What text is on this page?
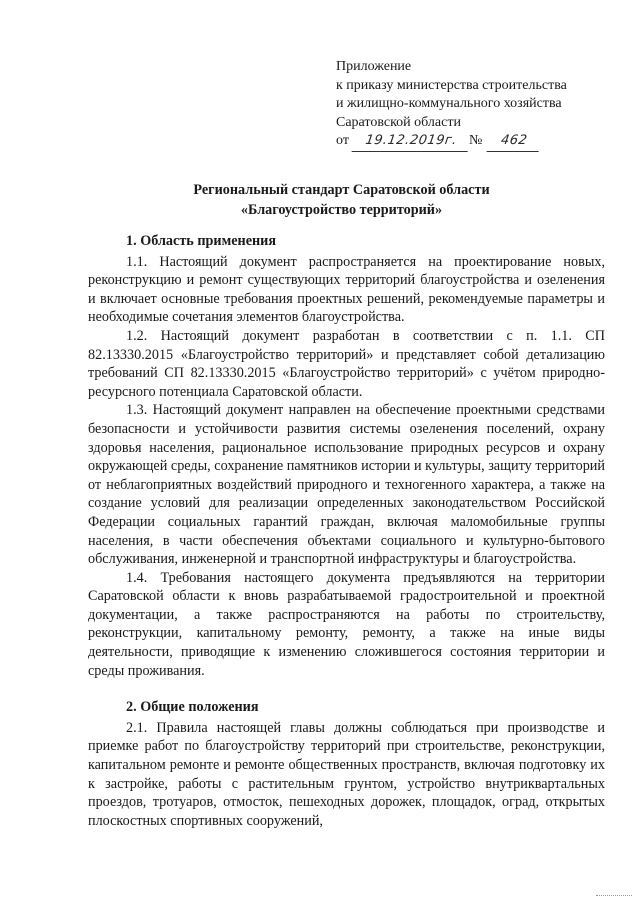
Приложение
к приказу министерства строительства
и жилищно-коммунального хозяйства
Саратовской области
от	19.12.2019г. №	462
Региональный стандарт Саратовской области
«Благоустройство территорий»
1. Область применения

1.1. Настоящий документ распространяется на проектирование новых, реконструкцию и ремонт существующих территорий благоустройства и озеленения и включает основные требования проектных решений, рекомендуемые параметры и необходимые сочетания элементов благоустройства.

1.2. Настоящий документ разработан в соответствии с п. 1.1. СП 82.13330.2015 «Благоустройство территорий» и представляет собой детализацию требований СП 82.13330.2015 «Благоустройство территорий» с учётом природно-ресурсного потенциала Саратовской области.

1.3. Настоящий документ направлен на обеспечение проектными средствами безопасности и устойчивости развития системы озеленения поселений, охрану здоровья населения, рациональное использование природных ресурсов и охрану окружающей среды, сохранение памятников истории и культуры, защиту территорий от неблагоприятных воздействий природного и техногенного характера, а также на создание условий для реализации определенных законодательством Российской Федерации социальных гарантий граждан, включая маломобильные группы населения, в части обеспечения объектами социального и культурно-бытового обслуживания, инженерной и транспортной инфраструктуры и благоустройства.

1.4. Требования настоящего документа предъявляются на территории Саратовской области к вновь разрабатываемой градостроительной и проектной документации, а также распространяются на работы по строительству, реконструкции, капитальному ремонту, ремонту, а также на иные виды деятельности, приводящие к изменению сложившегося состояния территории и среды проживания.

2. Общие положения

2.1. Правила настоящей главы должны соблюдаться при производстве и приемке работ по благоустройству территорий при строительстве, реконструкции, капитальном ремонте и ремонте общественных пространств, включая подготовку их к застройке, работы с растительным грунтом, устройство внутриквартальных проездов, тротуаров, отмосток, пешеходных дорожек, площадок, оград, открытых плоскостных спортивных сооружений,
